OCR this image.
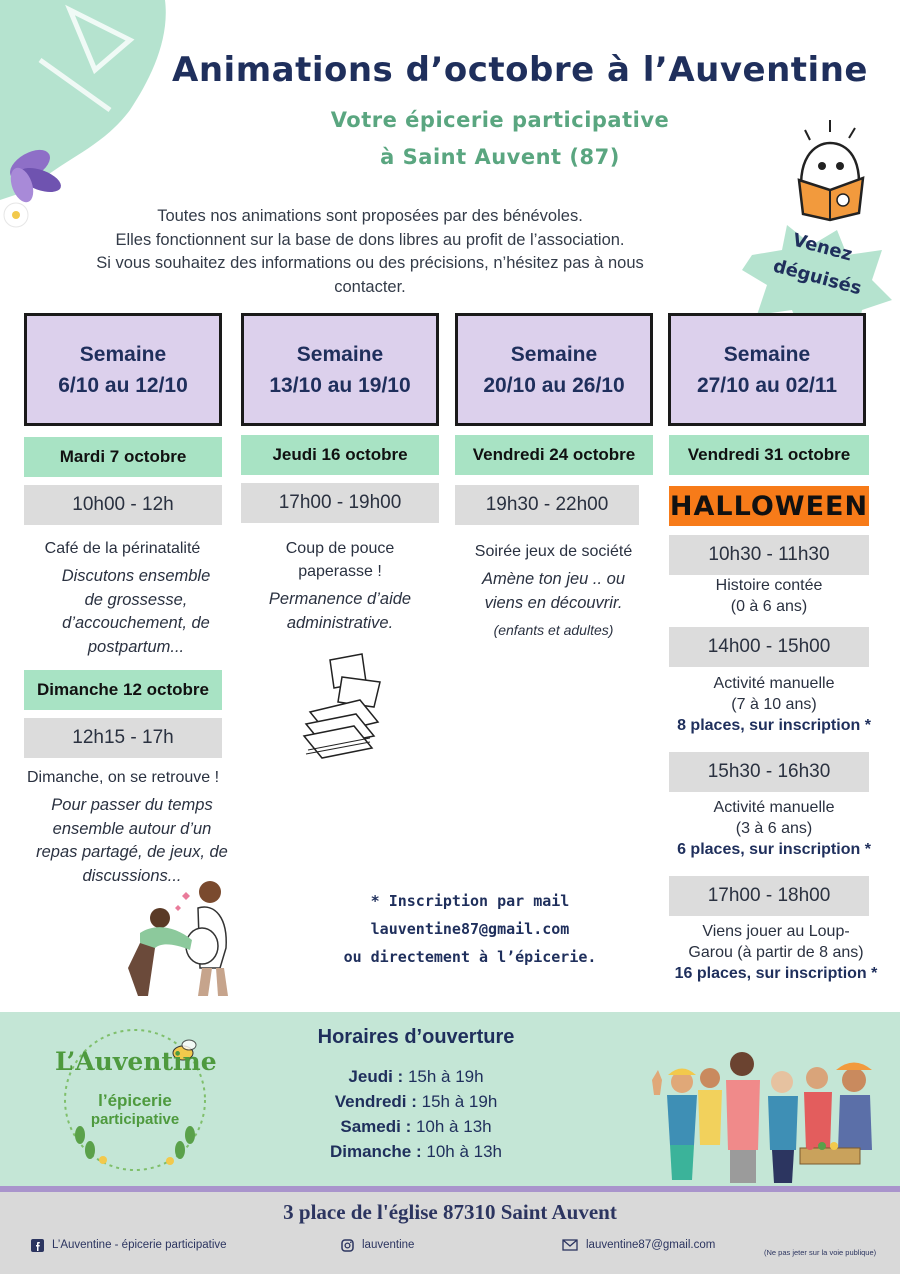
Animations d’octobre à l’Auventine
Votre épicerie participative
à Saint Auvent (87)
Venez
déguisés
Toutes nos animations sont proposées par des bénévoles.
Elles fonctionnent sur la base de dons libres au profit de l’association.
Si vous souhaitez des informations ou des précisions, n’hésitez pas à nous
contacter.
Semaine
6/10 au 12/10
Semaine
13/10 au 19/10
Semaine
20/10 au 26/10
Semaine
27/10 au 02/11
Mardi 7 octobre
10h00 - 12h
Café de la périnatalité
Discutons ensemble
de grossesse,
d’accouchement, de
postpartum...
Dimanche 12 octobre
12h15 - 17h
Dimanche, on se retrouve !
Pour passer du temps
ensemble autour d’un
repas partagé, de jeux, de
discussions...
Jeudi 16 octobre
17h00 - 19h00
Coup de pouce
paperasse !
Permanence d’aide
administrative.
Vendredi 24 octobre
19h30 - 22h00
Soirée jeux de société
Amène ton jeu .. ou
viens en découvrir.
(enfants et adultes)
Vendredi 31 octobre
HALLOWEEN
10h30 - 11h30
Histoire contée
(0 à 6 ans)
14h00 - 15h00
Activité manuelle
(7 à 10 ans)
8 places, sur inscription *
15h30 - 16h30
Activité manuelle
(3 à 6 ans)
6 places, sur inscription *
17h00 - 18h00
Viens jouer au Loup-
Garou (à partir de 8 ans)
16 places, sur inscription *
* Inscription par mail
lauventine87@gmail.com
ou directement à l’épicerie.
L’Auventine
l’épicerie
participative
Horaires d’ouverture
Jeudi : 15h à 19h
Vendredi : 15h à 19h
Samedi : 10h à 13h
Dimanche : 10h à 13h
3 place de l'église 87310 Saint Auvent
L’Auventine - épicerie participative	lauventine	lauventine87@gmail.com
(Ne pas jeter sur la voie publique)
